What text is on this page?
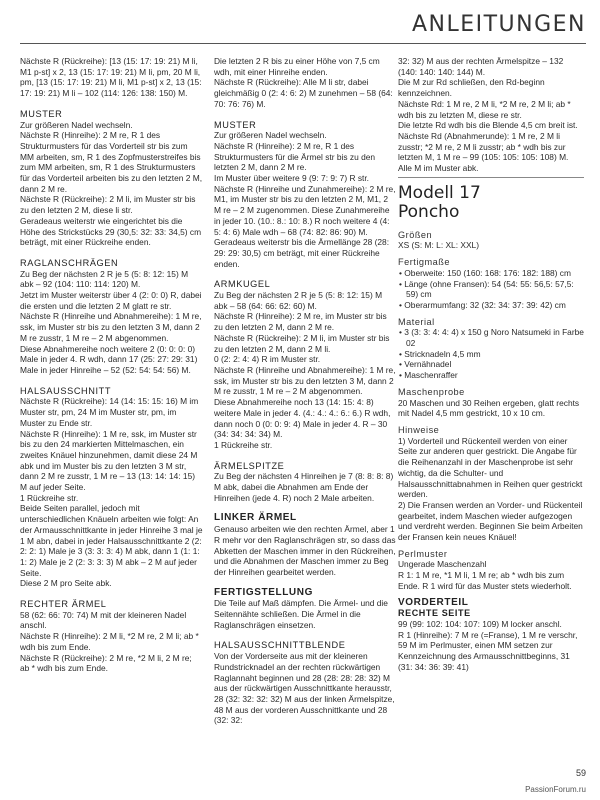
ANLEITUNGEN

Nächste R (Rückreihe): [13 (15: 17: 19: 21) M li, M1 p-st] x 2, 13 (15: 17: 19: 21) M li, pm, 20 M li, pm, [13 (15: 17: 19: 21) M li, M1 p-st] x 2, 13 (15: 17: 19: 21) M li – 102 (114: 126: 138: 150) M.

MUSTER

Zur größeren Nadel wechseln.

Nächste R (Hinreihe): 2 M re, R 1 des Strukturmusters für das Vorderteil str bis zum MM arbeiten, sm, R 1 des Zopfmusterstreifes bis zum MM arbeiten, sm, R 1 des Strukturmusters für das Vorderteil arbeiten bis zu den letzten 2 M, dann 2 M re.

Nächste R (Rückreihe): 2 M li, im Muster str bis zu den letzten 2 M, diese li str.

Geradeaus weiterstr wie eingerichtet bis die Höhe des Strickstücks 29 (30,5: 32: 33: 34,5) cm beträgt, mit einer Rückreihe enden.

RAGLANSCHRÄGEN

Zu Beg der nächsten 2 R je 5 (5: 8: 12: 15) M abk – 92 (104: 110: 114: 120) M.

Jetzt im Muster weiterstr über 4 (2: 0: 0) R, dabei die ersten und die letzten 2 M glatt re str.

Nächste R (Hinreihe und Abnahmereihe): 1 M re, ssk, im Muster str bis zu den letzten 3 M, dann 2 M re zusstr, 1 M re – 2 M abgenommen.

Diese Abnahmereihe noch weitere 2 (0: 0: 0: 0) Male in jeder 4. R wdh, dann 17 (25: 27: 29: 31) Male in jeder Hinreihe – 52 (52: 54: 54: 56) M.

HALSAUSSCHNITT

Nächste R (Rückreihe): 14 (14: 15: 15: 16) M im Muster str, pm, 24 M im Muster str, pm, im Muster zu Ende str.

Nächste R (Hinreihe): 1 M re, ssk, im Muster str bis zu den 24 markierten Mittelmaschen, ein zweites Knäuel hinzunehmen, damit diese 24 M abk und im Muster bis zu den letzten 3 M str, dann 2 M re zusstr, 1 M re – 13 (13: 14: 14: 15) M auf jeder Seite.

1 Rückreihe str.

Beide Seiten parallel, jedoch mit unterschiedlichen Knäueln arbeiten wie folgt: An der Armausschnittkante in jeder Hinreihe 3 mal je 1 M abn, dabei in jeder Halsausschnittkante 2 (2: 2: 2: 1) Male je 3 (3: 3: 3: 4) M abk, dann 1 (1: 1: 1: 2) Male je 2 (2: 3: 3: 3) M abk – 2 M auf jeder Seite.

Diese 2 M pro Seite abk.

RECHTER ÄRMEL

58 (62: 66: 70: 74) M mit der kleineren Nadel anschl.

Nächste R (Hinreihe): 2 M li, *2 M re, 2 M li; ab * wdh bis zum Ende.

Nächste R (Rückreihe): 2 M re, *2 M li, 2 M re; ab * wdh bis zum Ende.

Die letzten 2 R bis zu einer Höhe von 7,5 cm wdh, mit einer Hinreihe enden.

Nächste R (Rückreihe): Alle M li str, dabei gleichmäßig 0 (2: 4: 6: 2) M zunehmen – 58 (64: 70: 76: 76) M.

MUSTER

Zur größeren Nadel wechseln.

Nächste R (Hinreihe): 2 M re, R 1 des Strukturmusters für die Ärmel str bis zu den letzten 2 M, dann 2 M re.

Im Muster über weitere 9 (9: 7: 9: 7) R str.

Nächste R (Hinreihe und Zunahmereihe): 2 M re, M1, im Muster str bis zu den letzten 2 M, M1, 2 M re – 2 M zugenommen. Diese Zunahmereihe in jeder 10. (10.: 8.: 10: 8.) R noch weitere 4 (4: 5: 4: 6) Male wdh – 68 (74: 82: 86: 90) M. Geradeaus weiterstr bis die Ärmellänge 28 (28: 29: 29: 30,5) cm beträgt, mit einer Rückreihe enden.

ARMKUGEL

Zu Beg der nächsten 2 R je 5 (5: 8: 12: 15) M abk – 58 (64: 66: 62: 60) M.

Nächste R (Hinreihe): 2 M re, im Muster str bis zu den letzten 2 M, dann 2 M re.

Nächste R (Rückreihe): 2 M li, im Muster str bis zu den letzten 2 M, dann 2 M li.

0 (2: 2: 4: 4) R im Muster str.

Nächste R (Hinreihe und Abnahmereihe): 1 M re, ssk, im Muster str bis zu den letzten 3 M, dann 2 M re zusstr, 1 M re – 2 M abgenommen.

Diese Abnahmereihe noch 13 (14: 15: 4: 8) weitere Male in jeder 4. (4.: 4.: 4.: 6.: 6.) R wdh, dann noch 0 (0: 0: 9: 4) Male in jeder 4. R – 30 (34: 34: 34: 34) M.

1 Rückreihe str.

ÄRMELSPITZE

Zu Beg der nächsten 4 Hinreihen je 7 (8: 8: 8: 8) M abk, dabei die Abnahmen am Ende der Hinreihen (jede 4. R) noch 2 Male arbeiten.

LINKER ÄRMEL

Genauso arbeiten wie den rechten Ärmel, aber 1 R mehr vor den Raglanschrägen str, so dass das Abketten der Maschen immer in den Rückreihen, und die Abnahmen der Maschen immer zu Beg der Hinreihen gearbeitet werden.

FERTIGSTELLUNG

Die Teile auf Maß dämpfen. Die Ärmel- und die Seitennähte schließen. Die Ärmel in die Raglanschrägen einsetzen.

HALSAUSSCHNITTBLENDE

Von der Vorderseite aus mit der kleineren Rundstricknadel an der rechten rückwärtigen Raglannaht beginnen und 28 (28: 28: 28: 32) M aus der rückwärtigen Ausschnittkante herausstr, 28 (32: 32: 32: 32) M aus der linken Ärmelspitze, 48 M aus der vorderen Ausschnittkante und 28 (32: 32:

32: 32) M aus der rechten Ärmelspitze – 132 (140: 140: 140: 144) M.

Die M zur Rd schließen, den Rd-beginn kennzeichnen.

Nächste Rd: 1 M re, 2 M li, *2 M re, 2 M li; ab * wdh bis zu letzten M, diese re str.

Die letzte Rd wdh bis die Blende 4,5 cm breit ist.

Nächste Rd (Abnahmerunde): 1 M re, 2 M li zusstr; *2 M re, 2 M li zusstr; ab * wdh bis zur letzten M, 1 M re – 99 (105: 105: 105: 108) M. Alle M im Muster abk.

Modell 17
Poncho

Größen

XS (S: M: L: XL: XXL)

Fertigmaße

• Oberweite: 150 (160: 168: 176: 182: 188) cm

• Länge (ohne Fransen): 54 (54: 55: 56,5: 57,5: 59) cm

• Oberarmumfang: 32 (32: 34: 37: 39: 42) cm

Material

• 3 (3: 3: 4: 4: 4) x 150 g Noro Natsumeki in Farbe 02

• Stricknadeln 4,5 mm

• Vernähnadel

• Maschenraffer

Maschenprobe

20 Maschen und 30 Reihen ergeben, glatt rechts mit Nadel 4,5 mm gestrickt, 10 x 10 cm.

Hinweise

1) Vorderteil und Rückenteil werden von einer Seite zur anderen quer gestrickt. Die Angabe für die Reihenanzahl in der Maschenprobe ist sehr wichtig, da die Schulter- und Halsausschnittabnahmen in Reihen quer gestrickt werden.

2) Die Fransen werden an Vorder- und Rückenteil gearbeitet, indem Maschen wieder aufgezogen und verdreht werden. Beginnen Sie beim Arbeiten der Fransen kein neues Knäuel!

Perlmuster

Ungerade Maschenzahl

R 1: 1 M re, *1 M li, 1 M re; ab * wdh bis zum Ende. R 1 wird für das Muster stets wiederholt.

VORDERTEIL

RECHTE SEITE

99 (99: 102: 104: 107: 109) M locker anschl.

R 1 (Hinreihe): 7 M re (=Franse), 1 M re verschr, 59 M im Perlmuster, einen MM setzen zur Kennzeichnung des Armausschnittbeginns, 31 (31: 34: 36: 39: 41)

59
PassionForum.ru
